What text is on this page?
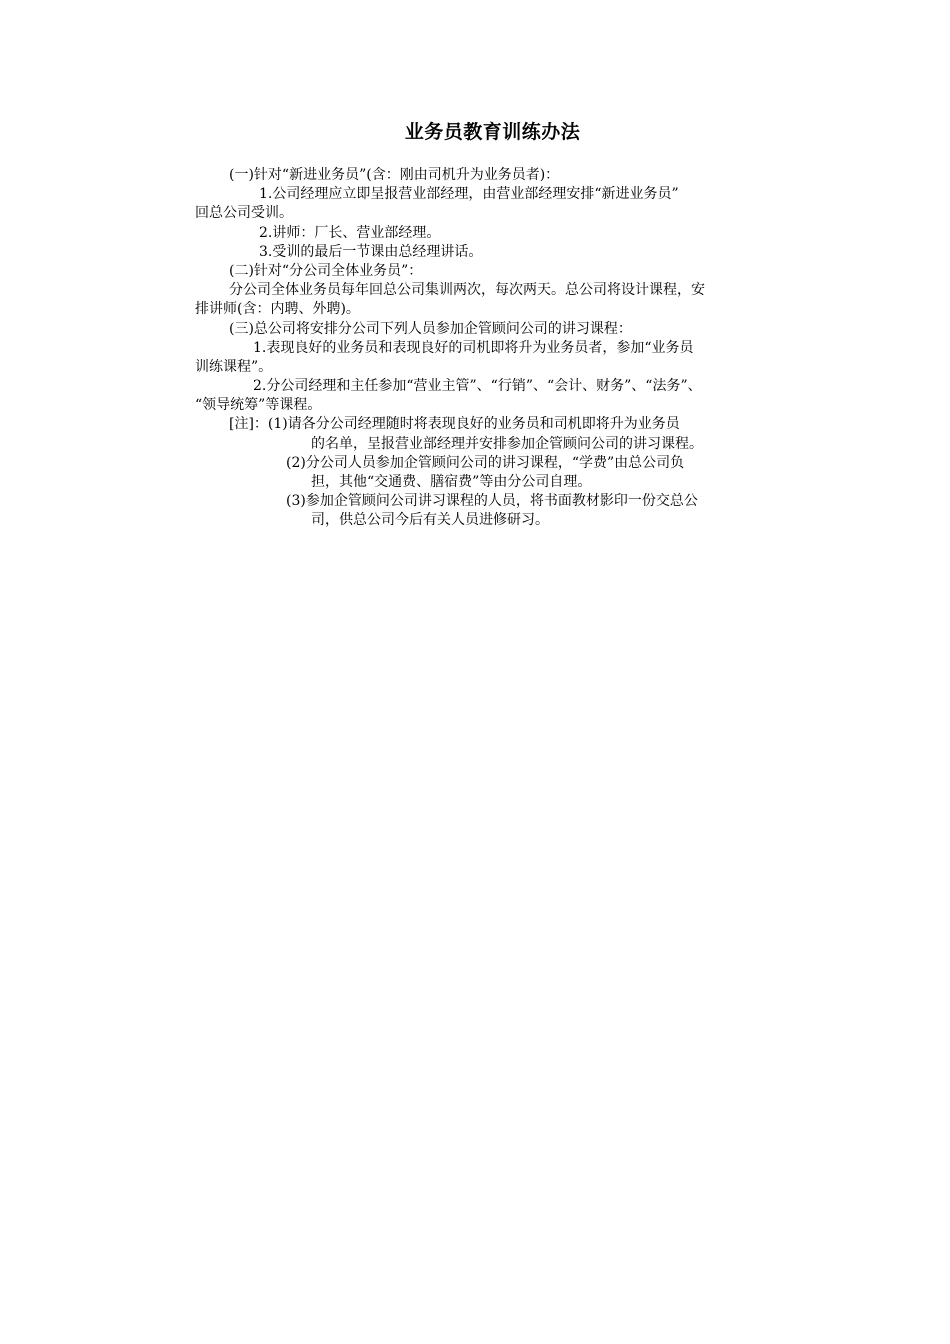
业务员教育训练办法
(一)针对“新进业务员”(含：刚由司机升为业务员者)：
1.公司经理应立即呈报营业部经理，由营业部经理安排“新进业务员”
回总公司受训。
2.讲师：厂长、营业部经理。
3.受训的最后一节课由总经理讲话。
(二)针对“分公司全体业务员”：
分公司全体业务员每年回总公司集训两次，每次两天。总公司将设计课程，安
排讲师(含：内聘、外聘)。
(三)总公司将安排分公司下列人员参加企管顾问公司的讲习课程：
1.表现良好的业务员和表现良好的司机即将升为业务员者，参加“业务员
训练课程”。
2.分公司经理和主任参加“营业主管”、“行销”、“会计、财务”、“法务”、
“领导统筹”等课程。
[注]：(1)请各分公司经理随时将表现良好的业务员和司机即将升为业务员
的名单，呈报营业部经理并安排参加企管顾问公司的讲习课程。
(2)分公司人员参加企管顾问公司的讲习课程，“学费”由总公司负
担，其他“交通费、膳宿费”等由分公司自理。
(3)参加企管顾问公司讲习课程的人员，将书面教材影印一份交总公
司，供总公司今后有关人员进修研习。
